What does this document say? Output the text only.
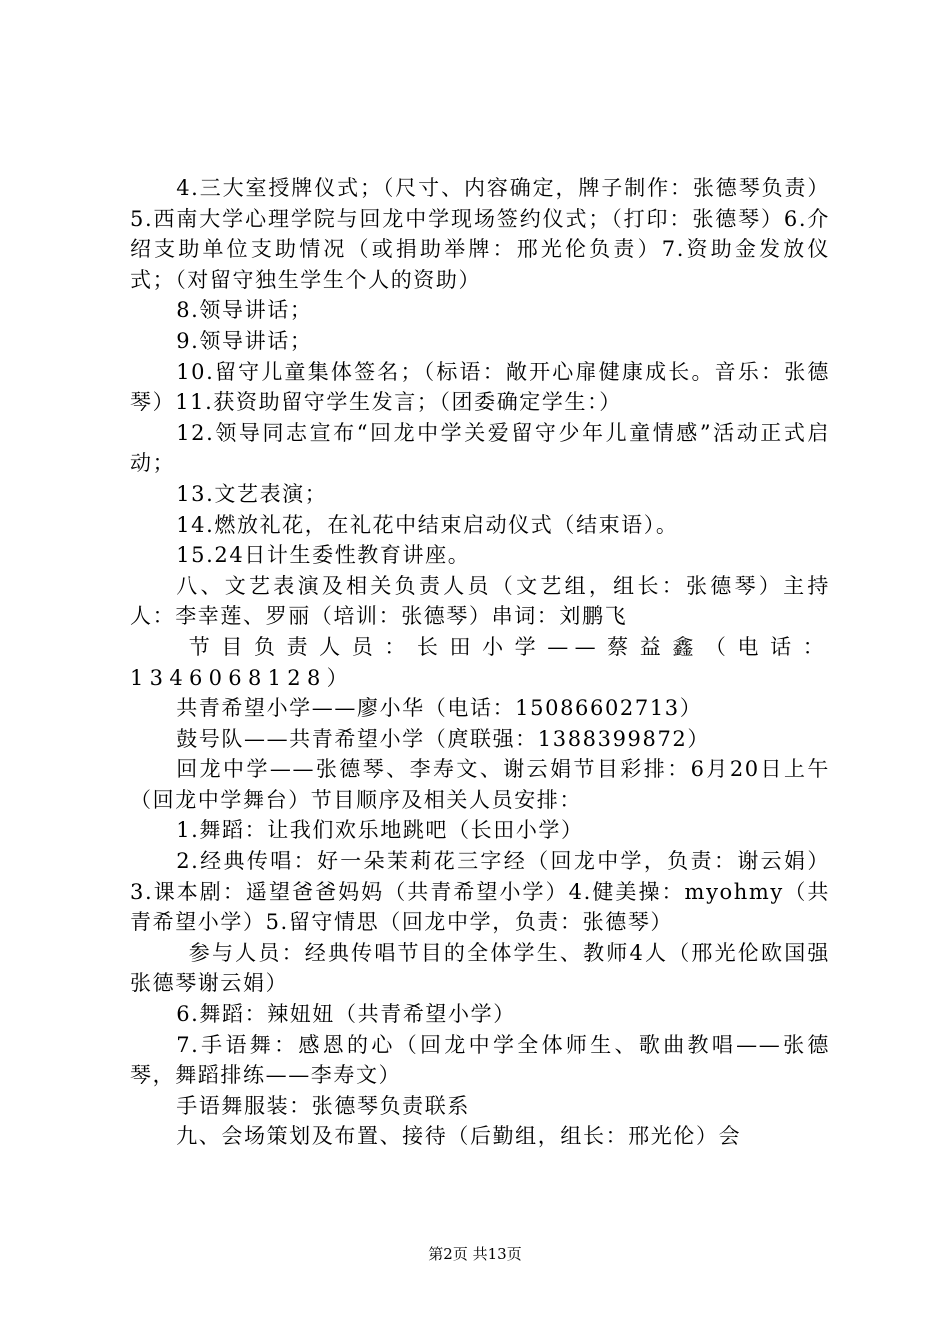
4.三大室授牌仪式；（尺寸、内容确定，牌子制作：张德琴负责）5.西南大学心理学院与回龙中学现场签约仪式；（打印：张德琴）6.介绍支助单位支助情况（或捐助举牌：邢光伦负责）7.资助金发放仪式；（对留守独生学生个人的资助）

8.领导讲话；

9.领导讲话；

10.留守儿童集体签名；（标语：敞开心扉健康成长。音乐：张德琴）11.获资助留守学生发言；（团委确定学生：）

12.领导同志宣布“回龙中学关爱留守少年儿童情感”活动正式启动；

13.文艺表演；

14.燃放礼花，在礼花中结束启动仪式（结束语）。

15.24日计生委性教育讲座。

八、文艺表演及相关负责人员（文艺组，组长：张德琴）主持人：李幸莲、罗丽（培训：张德琴）串词：刘鹏飞

节目负责人员：长田小学——蔡益鑫（电话：1346068128）

共青希望小学——廖小华（电话：15086602713）

鼓号队——共青希望小学（庹联强：1388399872）

回龙中学——张德琴、李寿文、谢云娟节目彩排：6月20日上午（回龙中学舞台）节目顺序及相关人员安排：

1.舞蹈：让我们欢乐地跳吧（长田小学）

2.经典传唱：好一朵茉莉花三字经（回龙中学，负责：谢云娟）3.课本剧：遥望爸爸妈妈（共青希望小学）4.健美操：myohmy（共青希望小学）5.留守情思（回龙中学，负责：张德琴）

参与人员：经典传唱节目的全体学生、教师4人（邢光伦欧国强张德琴谢云娟）

6.舞蹈：辣妞妞（共青希望小学）

7.手语舞：感恩的心（回龙中学全体师生、歌曲教唱——张德琴，舞蹈排练——李寿文）

手语舞服装：张德琴负责联系

九、会场策划及布置、接待（后勤组，组长：邢光伦）会

第2页 共13页
